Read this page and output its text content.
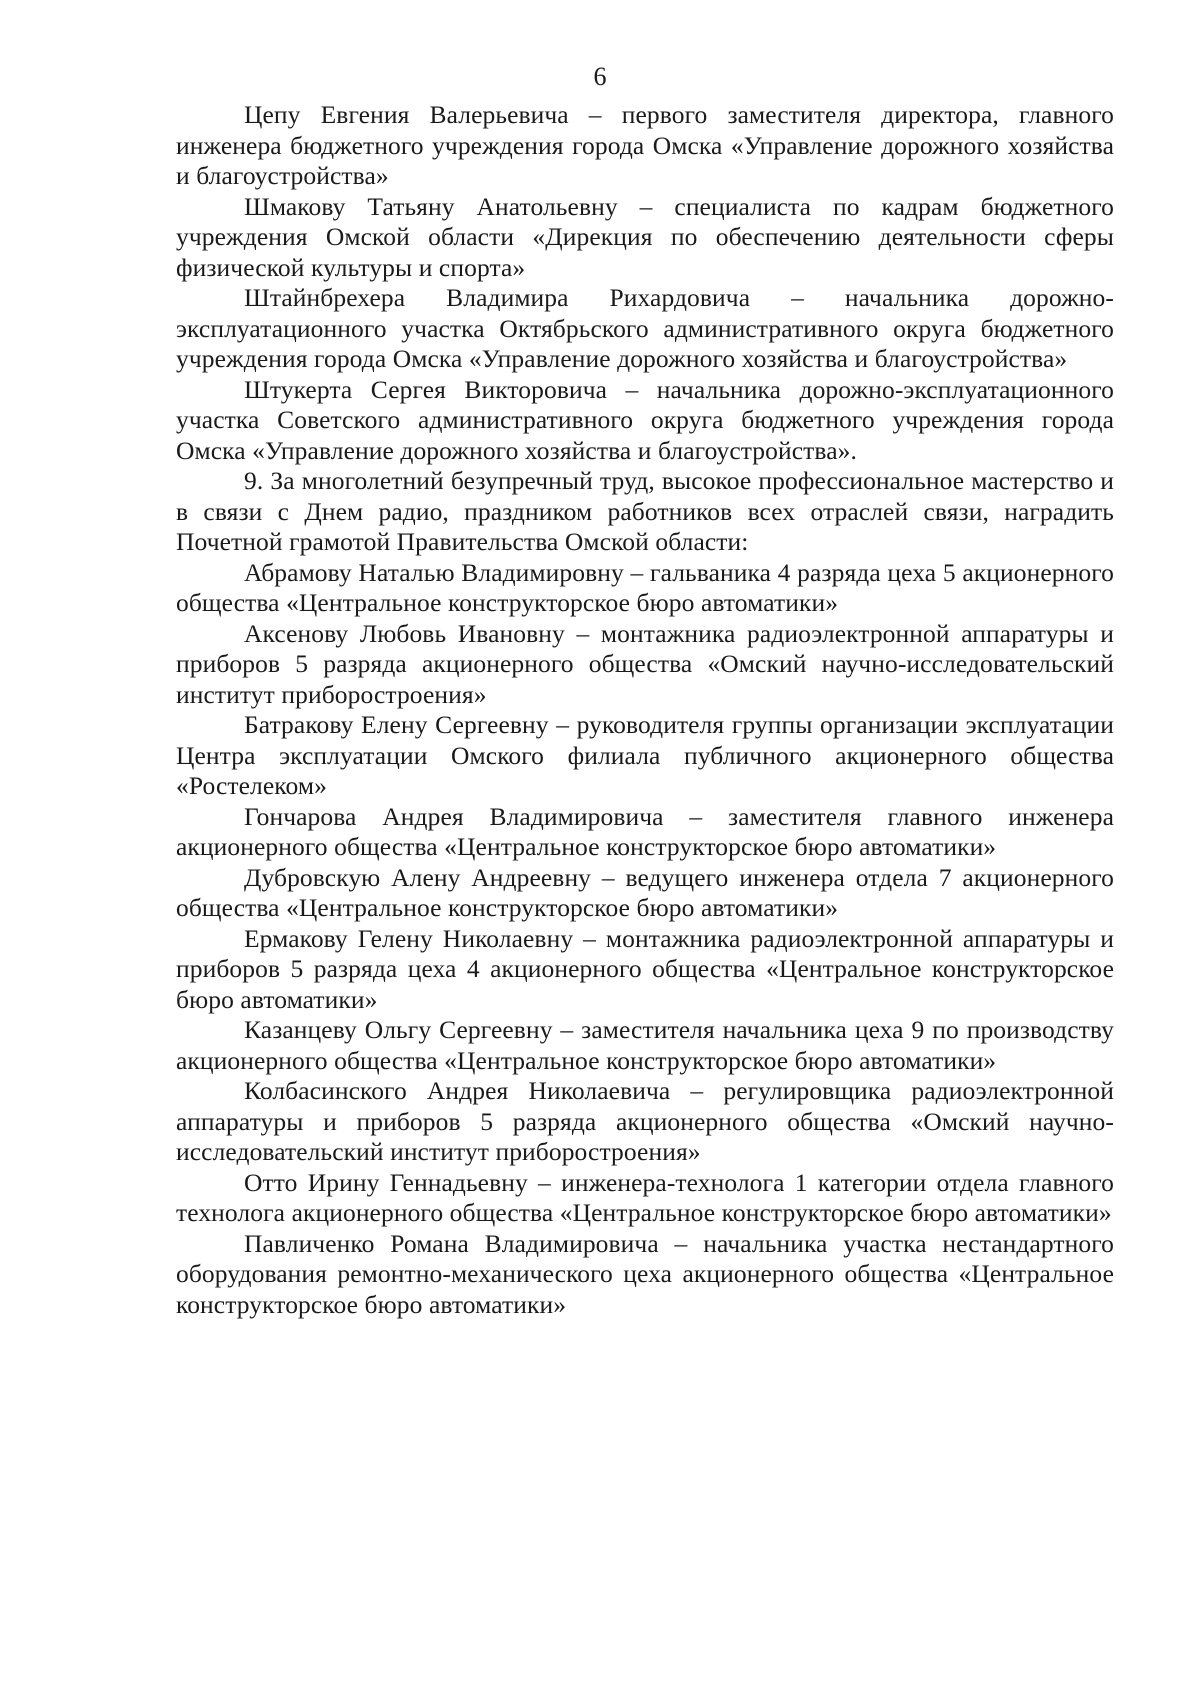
6

Цепу Евгения Валерьевича – первого заместителя директора, главного инженера бюджетного учреждения города Омска «Управление дорожного хозяйства и благоустройства»

Шмакову Татьяну Анатольевну – специалиста по кадрам бюджетного учреждения Омской области «Дирекция по обеспечению деятельности сферы физической культуры и спорта»

Штайнбрехера Владимира Рихардовича – начальника дорожно-эксплуатационного участка Октябрьского административного округа бюджетного учреждения города Омска «Управление дорожного хозяйства и благоустройства»

Штукерта Сергея Викторовича – начальника дорожно-эксплуатационного участка Советского административного округа бюджетного учреждения города Омска «Управление дорожного хозяйства и благоустройства».

9. За многолетний безупречный труд, высокое профессиональное мастерство и в связи с Днем радио, праздником работников всех отраслей связи, наградить Почетной грамотой Правительства Омской области:

Абрамову Наталью Владимировну – гальваника 4 разряда цеха 5 акционерного общества «Центральное конструкторское бюро автоматики»

Аксенову Любовь Ивановну – монтажника радиоэлектронной аппаратуры и приборов 5 разряда акционерного общества «Омский научно-исследовательский институт приборостроения»

Батракову Елену Сергеевну – руководителя группы организации эксплуатации Центра эксплуатации Омского филиала публичного акционерного общества «Ростелеком»

Гончарова Андрея Владимировича – заместителя главного инженера акционерного общества «Центральное конструкторское бюро автоматики»

Дубровскую Алену Андреевну – ведущего инженера отдела 7 акционерного общества «Центральное конструкторское бюро автоматики»

Ермакову Гелену Николаевну – монтажника радиоэлектронной аппаратуры и приборов 5 разряда цеха 4 акционерного общества «Центральное конструкторское бюро автоматики»

Казанцеву Ольгу Сергеевну – заместителя начальника цеха 9 по производству акционерного общества «Центральное конструкторское бюро автоматики»

Колбасинского Андрея Николаевича – регулировщика радиоэлектронной аппаратуры и приборов 5 разряда акционерного общества «Омский научно-исследовательский институт приборостроения»

Отто Ирину Геннадьевну – инженера-технолога 1 категории отдела главного технолога акционерного общества «Центральное конструкторское бюро автоматики»

Павличенко Романа Владимировича – начальника участка нестандартного оборудования ремонтно-механического цеха акционерного общества «Центральное конструкторское бюро автоматики»
